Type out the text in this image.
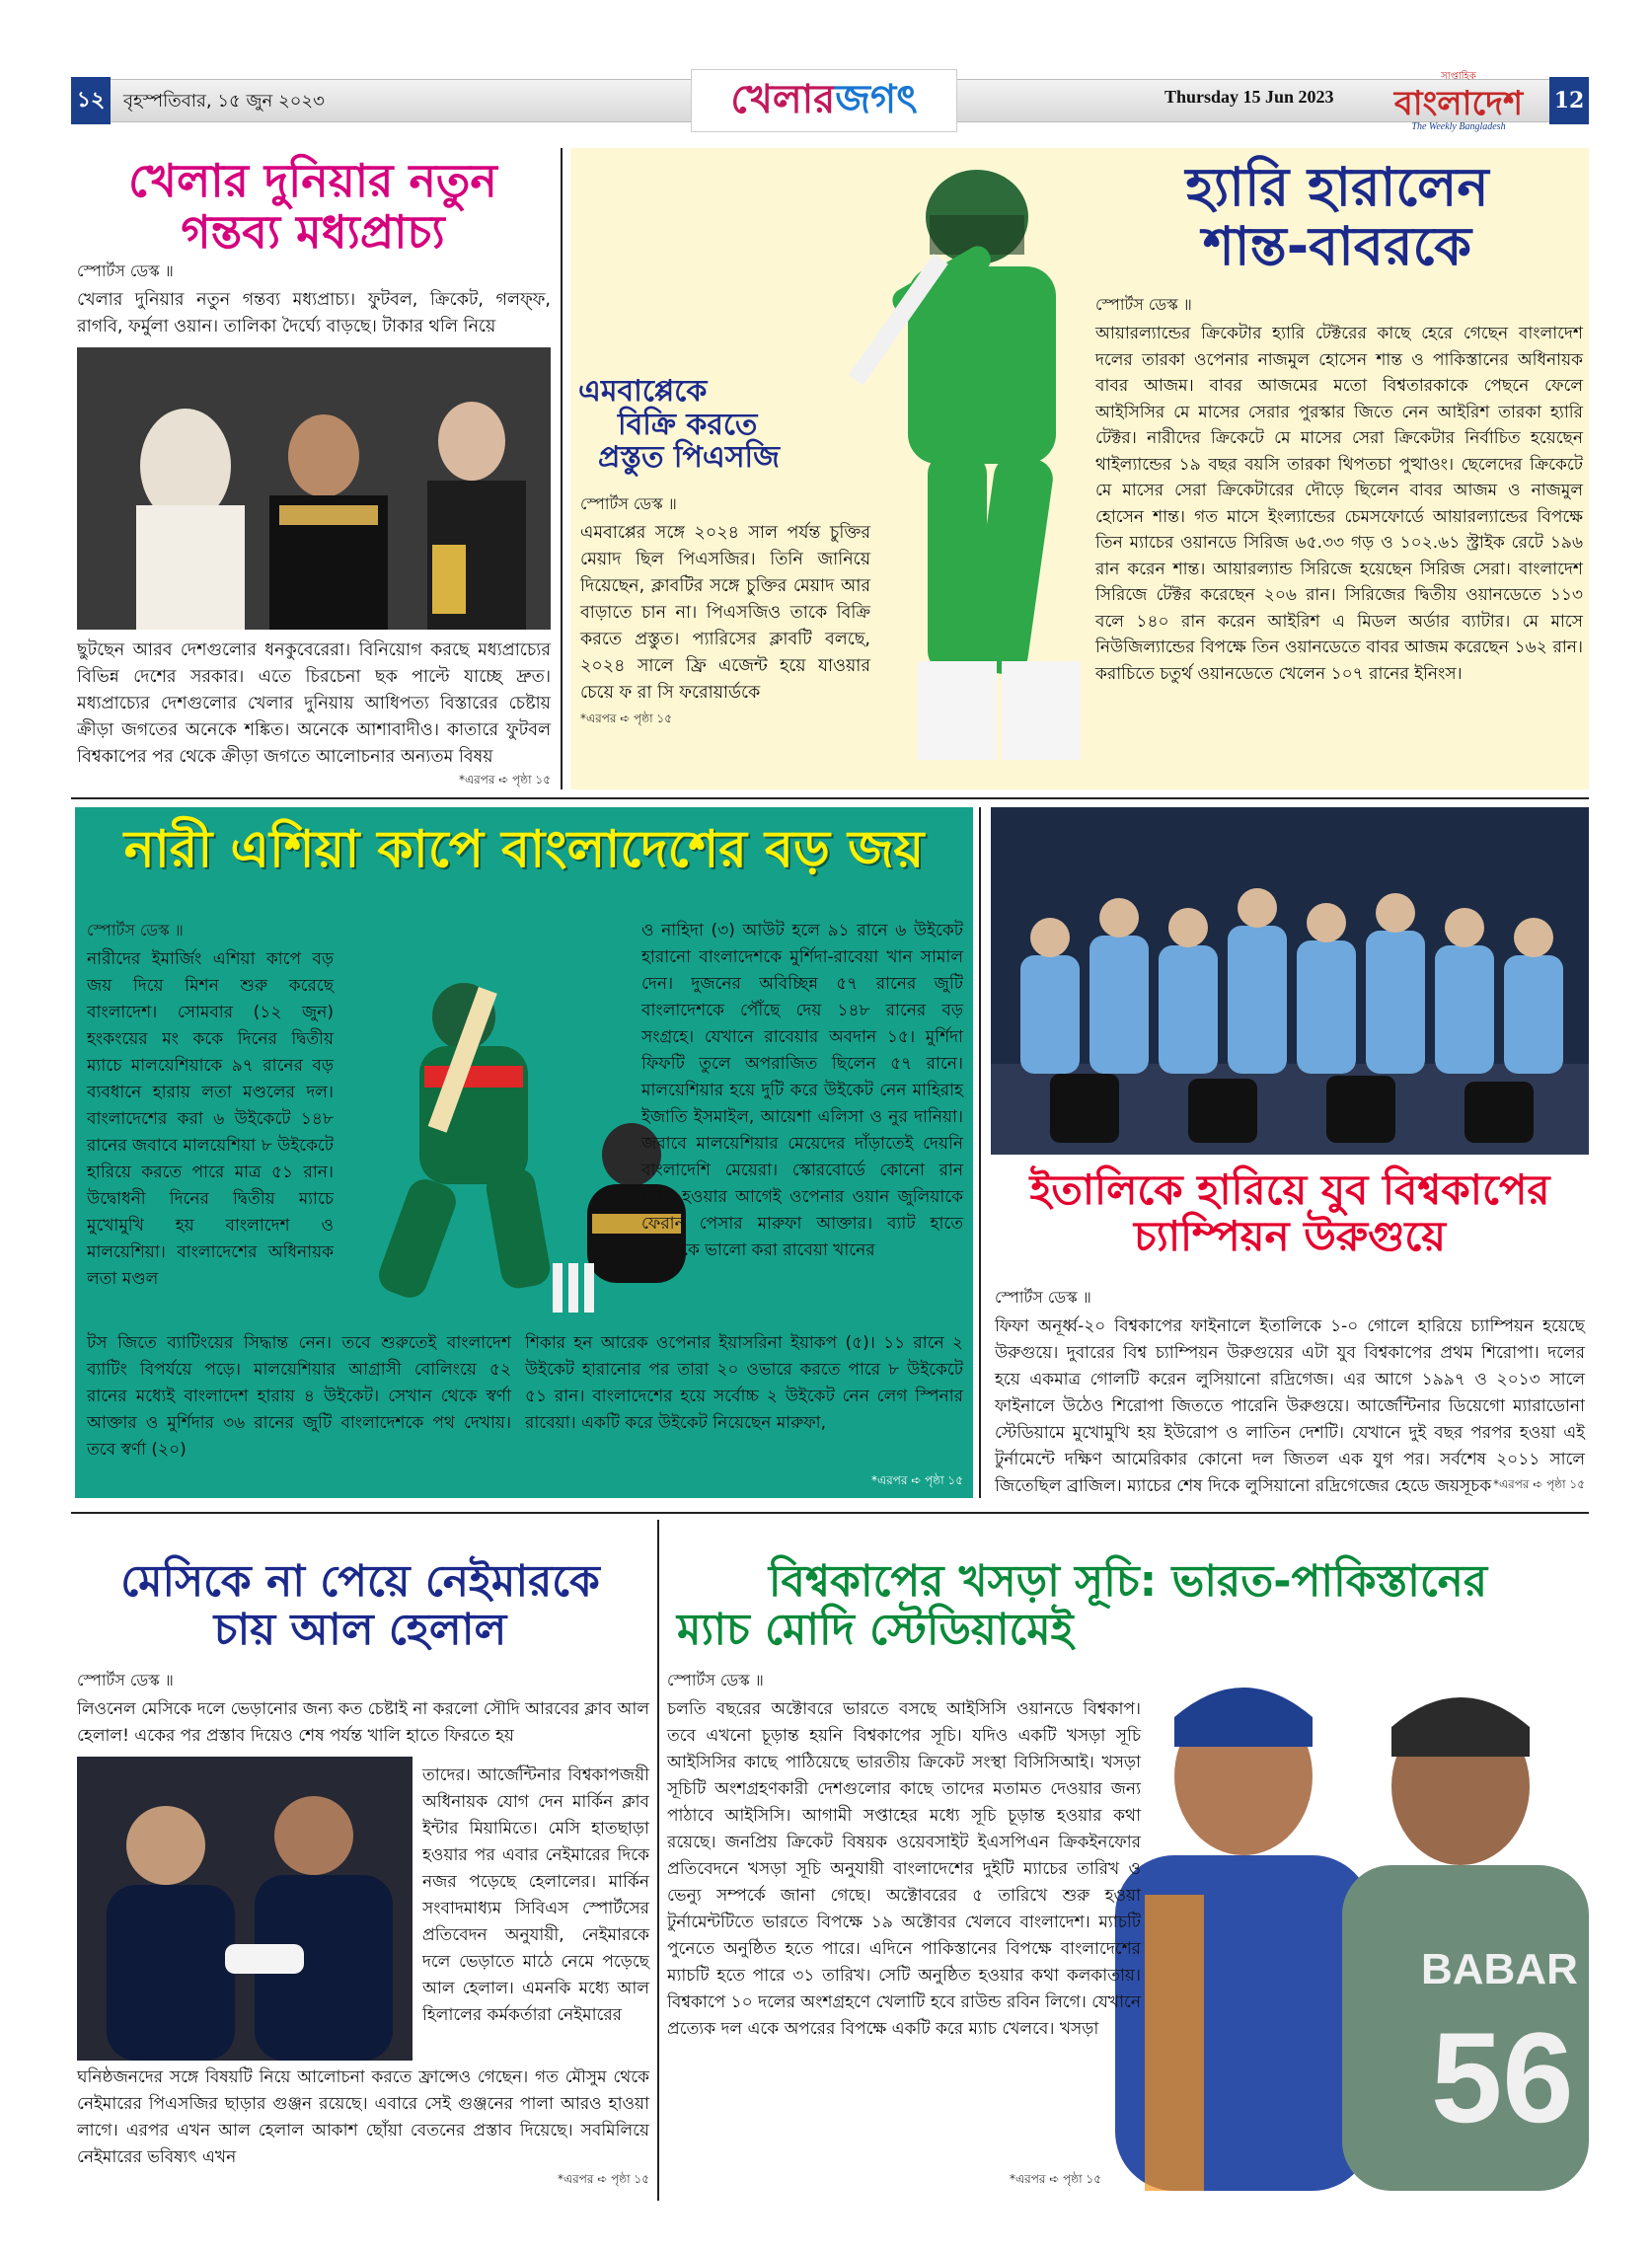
১২	বৃহস্পতিবার, ১৫ জুন ২০২৩	খেলার জগৎ	Thursday 15 Jun 2023
সাপ্তাহিক
বাংলাদেশ
The Weekly Bangladesh
12
খেলার দুনিয়ার নতুন
গন্তব্য মধ্যপ্রাচ্য
স্পোর্টস ডেস্ক ॥
খেলার দুনিয়ার নতুন গন্তব্য মধ্যপ্রাচ্য। ফুটবল, ক্রিকেট, গলফ্‌ফ, রাগবি, ফর্মুলা ওয়ান। তালিকা দৈর্ঘ্যে বাড়ছে। টাকার থলি নিয়ে
ছুটছেন আরব দেশগুলোর ধনকুবেরেরা। বিনিয়োগ করছে মধ্যপ্রাচ্যের বিভিন্ন দেশের সরকার। এতে চিরচেনা ছক পাল্টে যাচ্ছে দ্রুত। মধ্যপ্রাচ্যের দেশগুলোর খেলার দুনিয়ায় আধিপত্য বিস্তারের চেষ্টায় ক্রীড়া জগতের অনেকে শঙ্কিত। অনেকে আশাবাদীও। কাতারে ফুটবল বিশ্বকাপের পর থেকে ক্রীড়া জগতে আলোচনার অন্যতম বিষয়
*এরপর ➪ পৃষ্ঠা ১৫
এমবাপ্পেকে
বিক্রি করতে
প্রস্তুত পিএসজি
স্পোর্টস ডেস্ক ॥
এমবাপ্পের সঙ্গে ২০২৪ সাল পর্যন্ত চুক্তির মেয়াদ ছিল পিএসজির। তিনি জানিয়ে দিয়েছেন, ক্লাবটির সঙ্গে চুক্তির মেয়াদ আর বাড়াতে চান না। পিএসজিও তাকে বিক্রি করতে প্রস্তুত। প্যারিসের ক্লাবটি বলছে, ২০২৪ সালে ফ্রি এজেন্ট হয়ে যাওয়ার চেয়ে ফ রা সি ফরোয়ার্ডকে
*এরপর ➪ পৃষ্ঠা ১৫
হ্যারি হারালেন
শান্ত-বাবরকে
স্পোর্টস ডেস্ক ॥
আয়ারল্যান্ডের ক্রিকেটার হ্যারি টেক্টরের কাছে হেরে গেছেন বাংলাদেশ দলের তারকা ওপেনার নাজমুল হোসেন শান্ত ও পাকিস্তানের অধিনায়ক বাবর আজম। বাবর আজমের মতো বিশ্বতারকাকে পেছনে ফেলে আইসিসির মে মাসের সেরার পুরস্কার জিতে নেন আইরিশ তারকা হ্যারি টেক্টর। নারীদের ক্রিকেটে মে মাসের সেরা ক্রিকেটার নির্বাচিত হয়েছেন থাইল্যান্ডের ১৯ বছর বয়সি তারকা থিপতচা পুত্থাওং। ছেলেদের ক্রিকেটে মে মাসের সেরা ক্রিকেটারের দৌড়ে ছিলেন বাবর আজম ও নাজমুল হোসেন শান্ত। গত মাসে ইংল্যান্ডের চেমসফোর্ডে আয়ারল্যান্ডের বিপক্ষে তিন ম্যাচের ওয়ানডে সিরিজ ৬৫.৩৩ গড় ও ১০২.৬১ স্ট্রাইক রেটে ১৯৬ রান করেন শান্ত। আয়ারল্যান্ড সিরিজে হয়েছেন সিরিজ সেরা। বাংলাদেশ সিরিজে টেক্টর করেছেন ২০৬ রান। সিরিজের দ্বিতীয় ওয়ানডেতে ১১৩ বলে ১৪০ রান করেন আইরিশ এ মিডল অর্ডার ব্যাটার। মে মাসে নিউজিল্যান্ডের বিপক্ষে তিন ওয়ানডেতে বাবর আজম করেছেন ১৬২ রান। করাচিতে চতুর্থ ওয়ানডেতে খেলেন ১০৭ রানের ইনিংস।
নারী এশিয়া কাপে বাংলাদেশের বড় জয়
স্পোর্টস ডেস্ক ॥
নারীদের ইমার্জিং এশিয়া কাপে বড় জয় দিয়ে মিশন শুরু করেছে বাংলাদেশ। সোমবার (১২ জুন) হংকংয়ের মং ককে দিনের দ্বিতীয় ম্যাচে মালয়েশিয়াকে ৯৭ রানের বড় ব্যবধানে হারায় লতা মণ্ডলের দল। বাংলাদেশের করা ৬ উইকেটে ১৪৮ রানের জবাবে মালয়েশিয়া ৮ উইকেটে হারিয়ে করতে পারে মাত্র ৫১ রান। উদ্বোধনী দিনের দ্বিতীয় ম্যাচে মুখোমুখি হয় বাংলাদেশ ও মালয়েশিয়া। বাংলাদেশের অধিনায়ক লতা মণ্ডল
ও নাহিদা (৩) আউট হলে ৯১ রানে ৬ উইকেট হারানো বাংলাদেশকে মুর্শিদা-রাবেয়া খান সামাল দেন। দুজনের অবিচ্ছিন্ন ৫৭ রানের জুটি বাংলাদেশকে পৌঁছে দেয় ১৪৮ রানের বড় সংগ্রহে। যেখানে রাবেয়ার অবদান ১৫। মুর্শিদা ফিফটি তুলে অপরাজিত ছিলেন ৫৭ রানে। মালয়েশিয়ার হয়ে দুটি করে উইকেট নেন মাহিরাহ ইজাতি ইসমাইল, আয়েশা এলিসা ও নুর দানিয়া। জবাবে মালয়েশিয়ার মেয়েদের দাঁড়াতেই দেয়নি বাংলাদেশি মেয়েরা। স্কোরবোর্ডে কোনো রান যোগ হওয়ার আগেই ওপেনার ওয়ান জুলিয়াকে ফেরান পেসার মারুফা আক্তার। ব্যাট হাতে শেষদিকে ভালো করা রাবেয়া খানের
টস জিতে ব্যাটিংয়ের সিদ্ধান্ত নেন। তবে শুরুতেই বাংলাদেশ ব্যাটিং বিপর্যয়ে পড়ে। মালয়েশিয়ার আগ্রাসী বোলিংয়ে ৫২ রানের মধ্যেই বাংলাদেশ হারায় ৪ উইকেট। সেখান থেকে স্বর্ণা আক্তার ও মুর্শিদার ৩৬ রানের জুটি বাংলাদেশকে পথ দেখায়। তবে স্বর্ণা (২০)
শিকার হন আরেক ওপেনার ইয়াসরিনা ইয়াকপ (৫)। ১১ রানে ২ উইকেট হারানোর পর তারা ২০ ওভারে করতে পারে ৮ উইকেটে ৫১ রান। বাংলাদেশের হয়ে সর্বোচ্চ ২ উইকেট নেন লেগ স্পিনার রাবেয়া। একটি করে উইকেট নিয়েছেন মারুফা,
*এরপর ➪ পৃষ্ঠা ১৫
ইতালিকে হারিয়ে যুব বিশ্বকাপের
চ্যাম্পিয়ন উরুগুয়ে
স্পোর্টস ডেস্ক ॥
ফিফা অনূর্ধ্ব-২০ বিশ্বকাপের ফাইনালে ইতালিকে ১-০ গোলে হারিয়ে চ্যাম্পিয়ন হয়েছে উরুগুয়ে। দুবারের বিশ্ব চ্যাম্পিয়ন উরুগুয়ের এটা যুব বিশ্বকাপের প্রথম শিরোপা। দলের হয়ে একমাত্র গোলটি করেন লুসিয়ানো রদ্রিগেজ। এর আগে ১৯৯৭ ও ২০১৩ সালে ফাইনালে উঠেও শিরোপা জিততে পারেনি উরুগুয়ে। আর্জেন্টিনার ডিয়েগো ম্যারাডোনা স্টেডিয়ামে মুখোমুখি হয় ইউরোপ ও লাতিন দেশটি। যেখানে দুই বছর পরপর হওয়া এই টুর্নামেন্টে দক্ষিণ আমেরিকার কোনো দল জিতল এক যুগ পর। সর্বশেষ ২০১১ সালে জিতেছিল ব্রাজিল। ম্যাচের শেষ দিকে লুসিয়ানো রদ্রিগেজের হেডে জয়সূচক *এরপর ➪ পৃষ্ঠা ১৫
মেসিকে না পেয়ে নেইমারকে
চায় আল হেলাল
স্পোর্টস ডেস্ক ॥
লিওনেল মেসিকে দলে ভেড়ানোর জন্য কত চেষ্টাই না করলো সৌদি আরবের ক্লাব আল হেলাল! একের পর প্রস্তাব দিয়েও শেষ পর্যন্ত খালি হাতে ফিরতে হয়
তাদের। আর্জেন্টিনার বিশ্বকাপজয়ী অধিনায়ক যোগ দেন মার্কিন ক্লাব ইন্টার মিয়ামিতে। মেসি হাতছাড়া হওয়ার পর এবার নেইমারের দিকে নজর পড়েছে হেলালের। মার্কিন সংবাদমাধ্যম সিবিএস স্পোর্টসের প্রতিবেদন অনুযায়ী, নেইমারকে দলে ভেড়াতে মাঠে নেমে পড়েছে আল হেলাল। এমনকি মধ্যে আল হিলালের কর্মকর্তারা নেইমারের
ঘনিষ্ঠজনদের সঙ্গে বিষয়টি নিয়ে আলোচনা করতে ফ্রান্সেও গেছেন। গত মৌসুম থেকে নেইমারের পিএসজির ছাড়ার গুঞ্জন রয়েছে। এবারে সেই গুঞ্জনের পালা আরও হাওয়া লাগে। এরপর এখন আল হেলাল আকাশ ছোঁয়া বেতনের প্রস্তাব দিয়েছে। সবমিলিয়ে নেইমারের ভবিষ্যৎ এখন
*এরপর ➪ পৃষ্ঠা ১৫
বিশ্বকাপের খসড়া সূচি: ভারত-পাকিস্তানের
ম্যাচ মোদি স্টেডিয়ামেই
BABAR
56
স্পোর্টস ডেস্ক ॥
চলতি বছরের অক্টোবরে ভারতে বসছে আইসিসি ওয়ানডে বিশ্বকাপ। তবে এখনো চূড়ান্ত হয়নি বিশ্বকাপের সূচি। যদিও একটি খসড়া সূচি আইসিসির কাছে পাঠিয়েছে ভারতীয় ক্রিকেট সংস্থা বিসিসিআই। খসড়া সূচিটি অংশগ্রহণকারী দেশগুলোর কাছে তাদের মতামত দেওয়ার জন্য পাঠাবে আইসিসি। আগামী সপ্তাহের মধ্যে সূচি চূড়ান্ত হওয়ার কথা রয়েছে। জনপ্রিয় ক্রিকেট বিষয়ক ওয়েবসাইট ইএসপিএন ক্রিকইনফোর প্রতিবেদনে খসড়া সূচি অনুযায়ী বাংলাদেশের দুইটি ম্যাচের তারিখ ও ভেন্যু সম্পর্কে জানা গেছে। অক্টোবরের ৫ তারিখে শুরু হওয়া টুর্নামেন্টটিতে ভারতে বিপক্ষে ১৯ অক্টোবর খেলবে বাংলাদেশ। ম্যাচটি পুনেতে অনুষ্ঠিত হতে পারে। এদিনে পাকিস্তানের বিপক্ষে বাংলাদেশের ম্যাচটি হতে পারে ৩১ তারিখ। সেটি অনুষ্ঠিত হওয়ার কথা কলকাতায়। বিশ্বকাপে ১০ দলের অংশগ্রহণে খেলাটি হবে রাউন্ড রবিন লিগে। যেখানে প্রত্যেক দল একে অপরের বিপক্ষে একটি করে ম্যাচ খেলবে। খসড়া
*এরপর ➪ পৃষ্ঠা ১৫
